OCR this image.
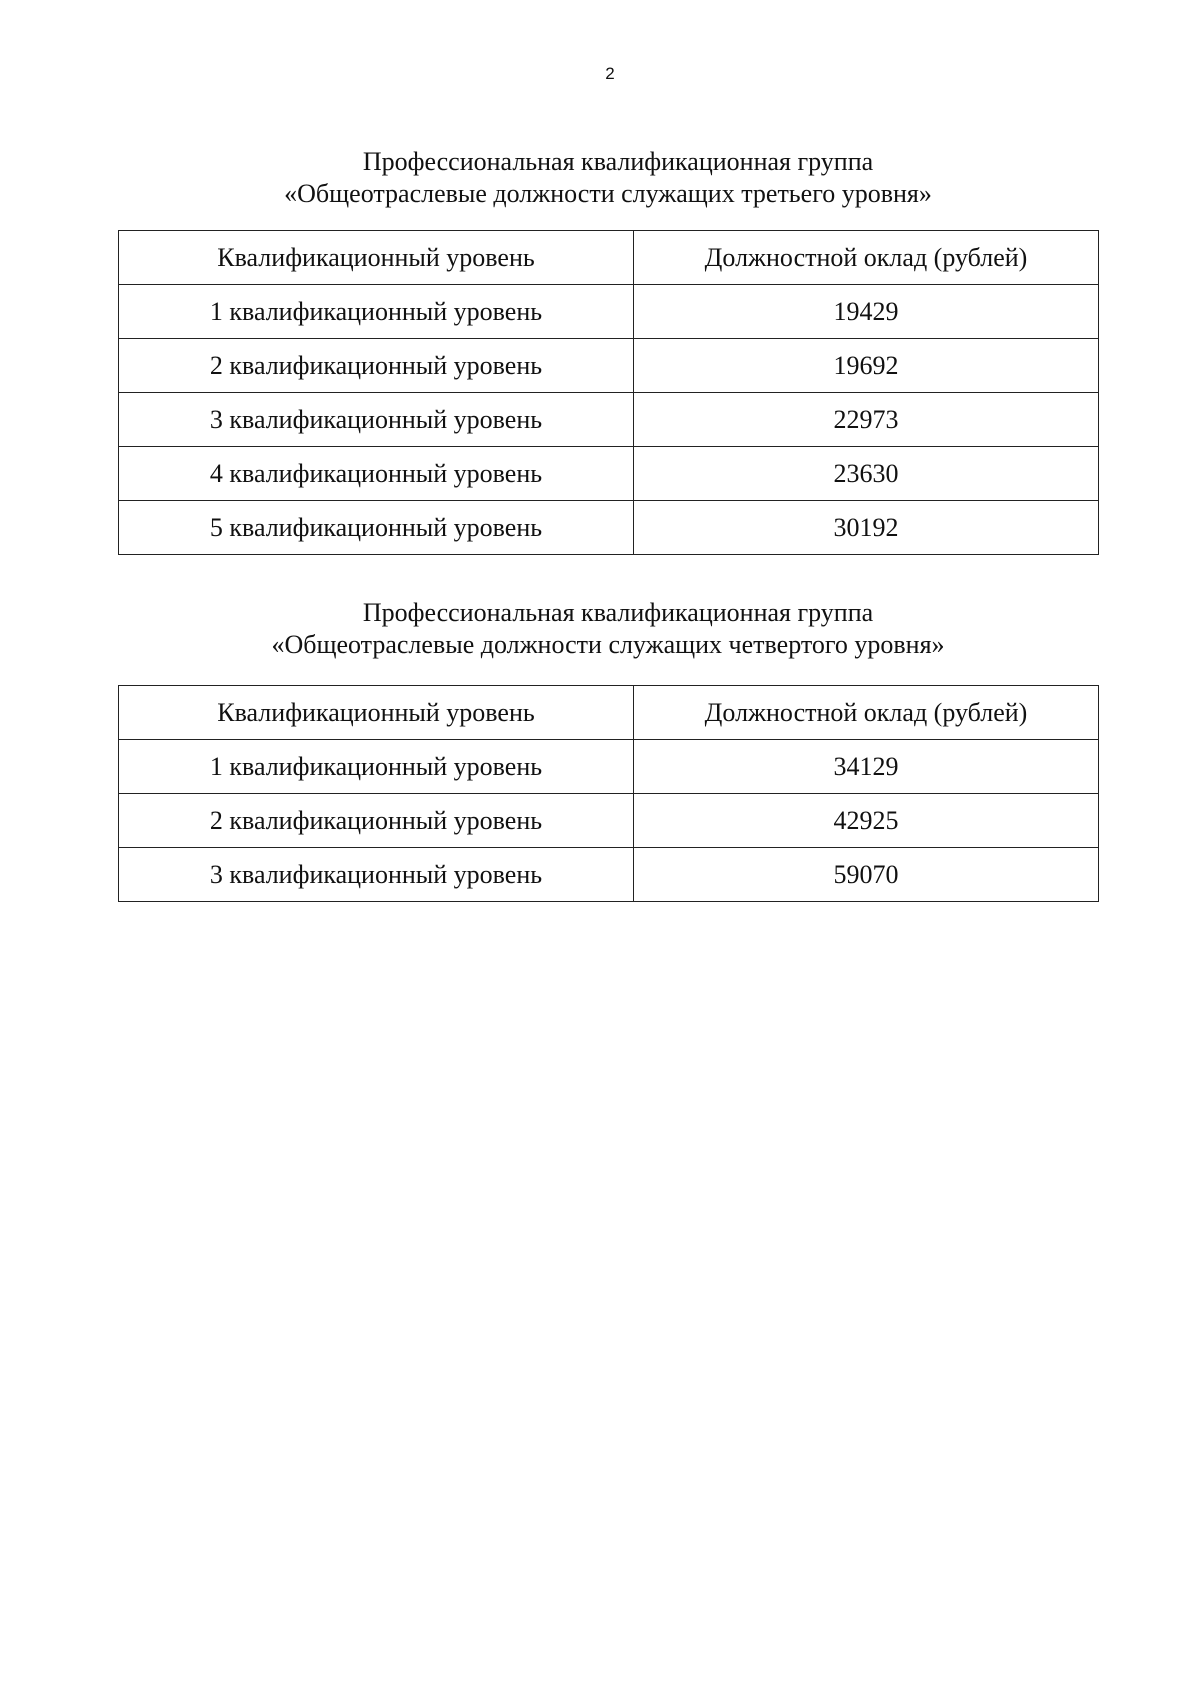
2
Профессиональная квалификационная группа
«Общеотраслевые должности служащих третьего уровня»
Квалификационный уровень	Должностной оклад (рублей)
1 квалификационный уровень	19429
2 квалификационный уровень	19692
3 квалификационный уровень	22973
4 квалификационный уровень	23630
5 квалификационный уровень	30192
Профессиональная квалификационная группа
«Общеотраслевые должности служащих четвертого уровня»
Квалификационный уровень	Должностной оклад (рублей)
1 квалификационный уровень	34129
2 квалификационный уровень	42925
3 квалификационный уровень	59070
